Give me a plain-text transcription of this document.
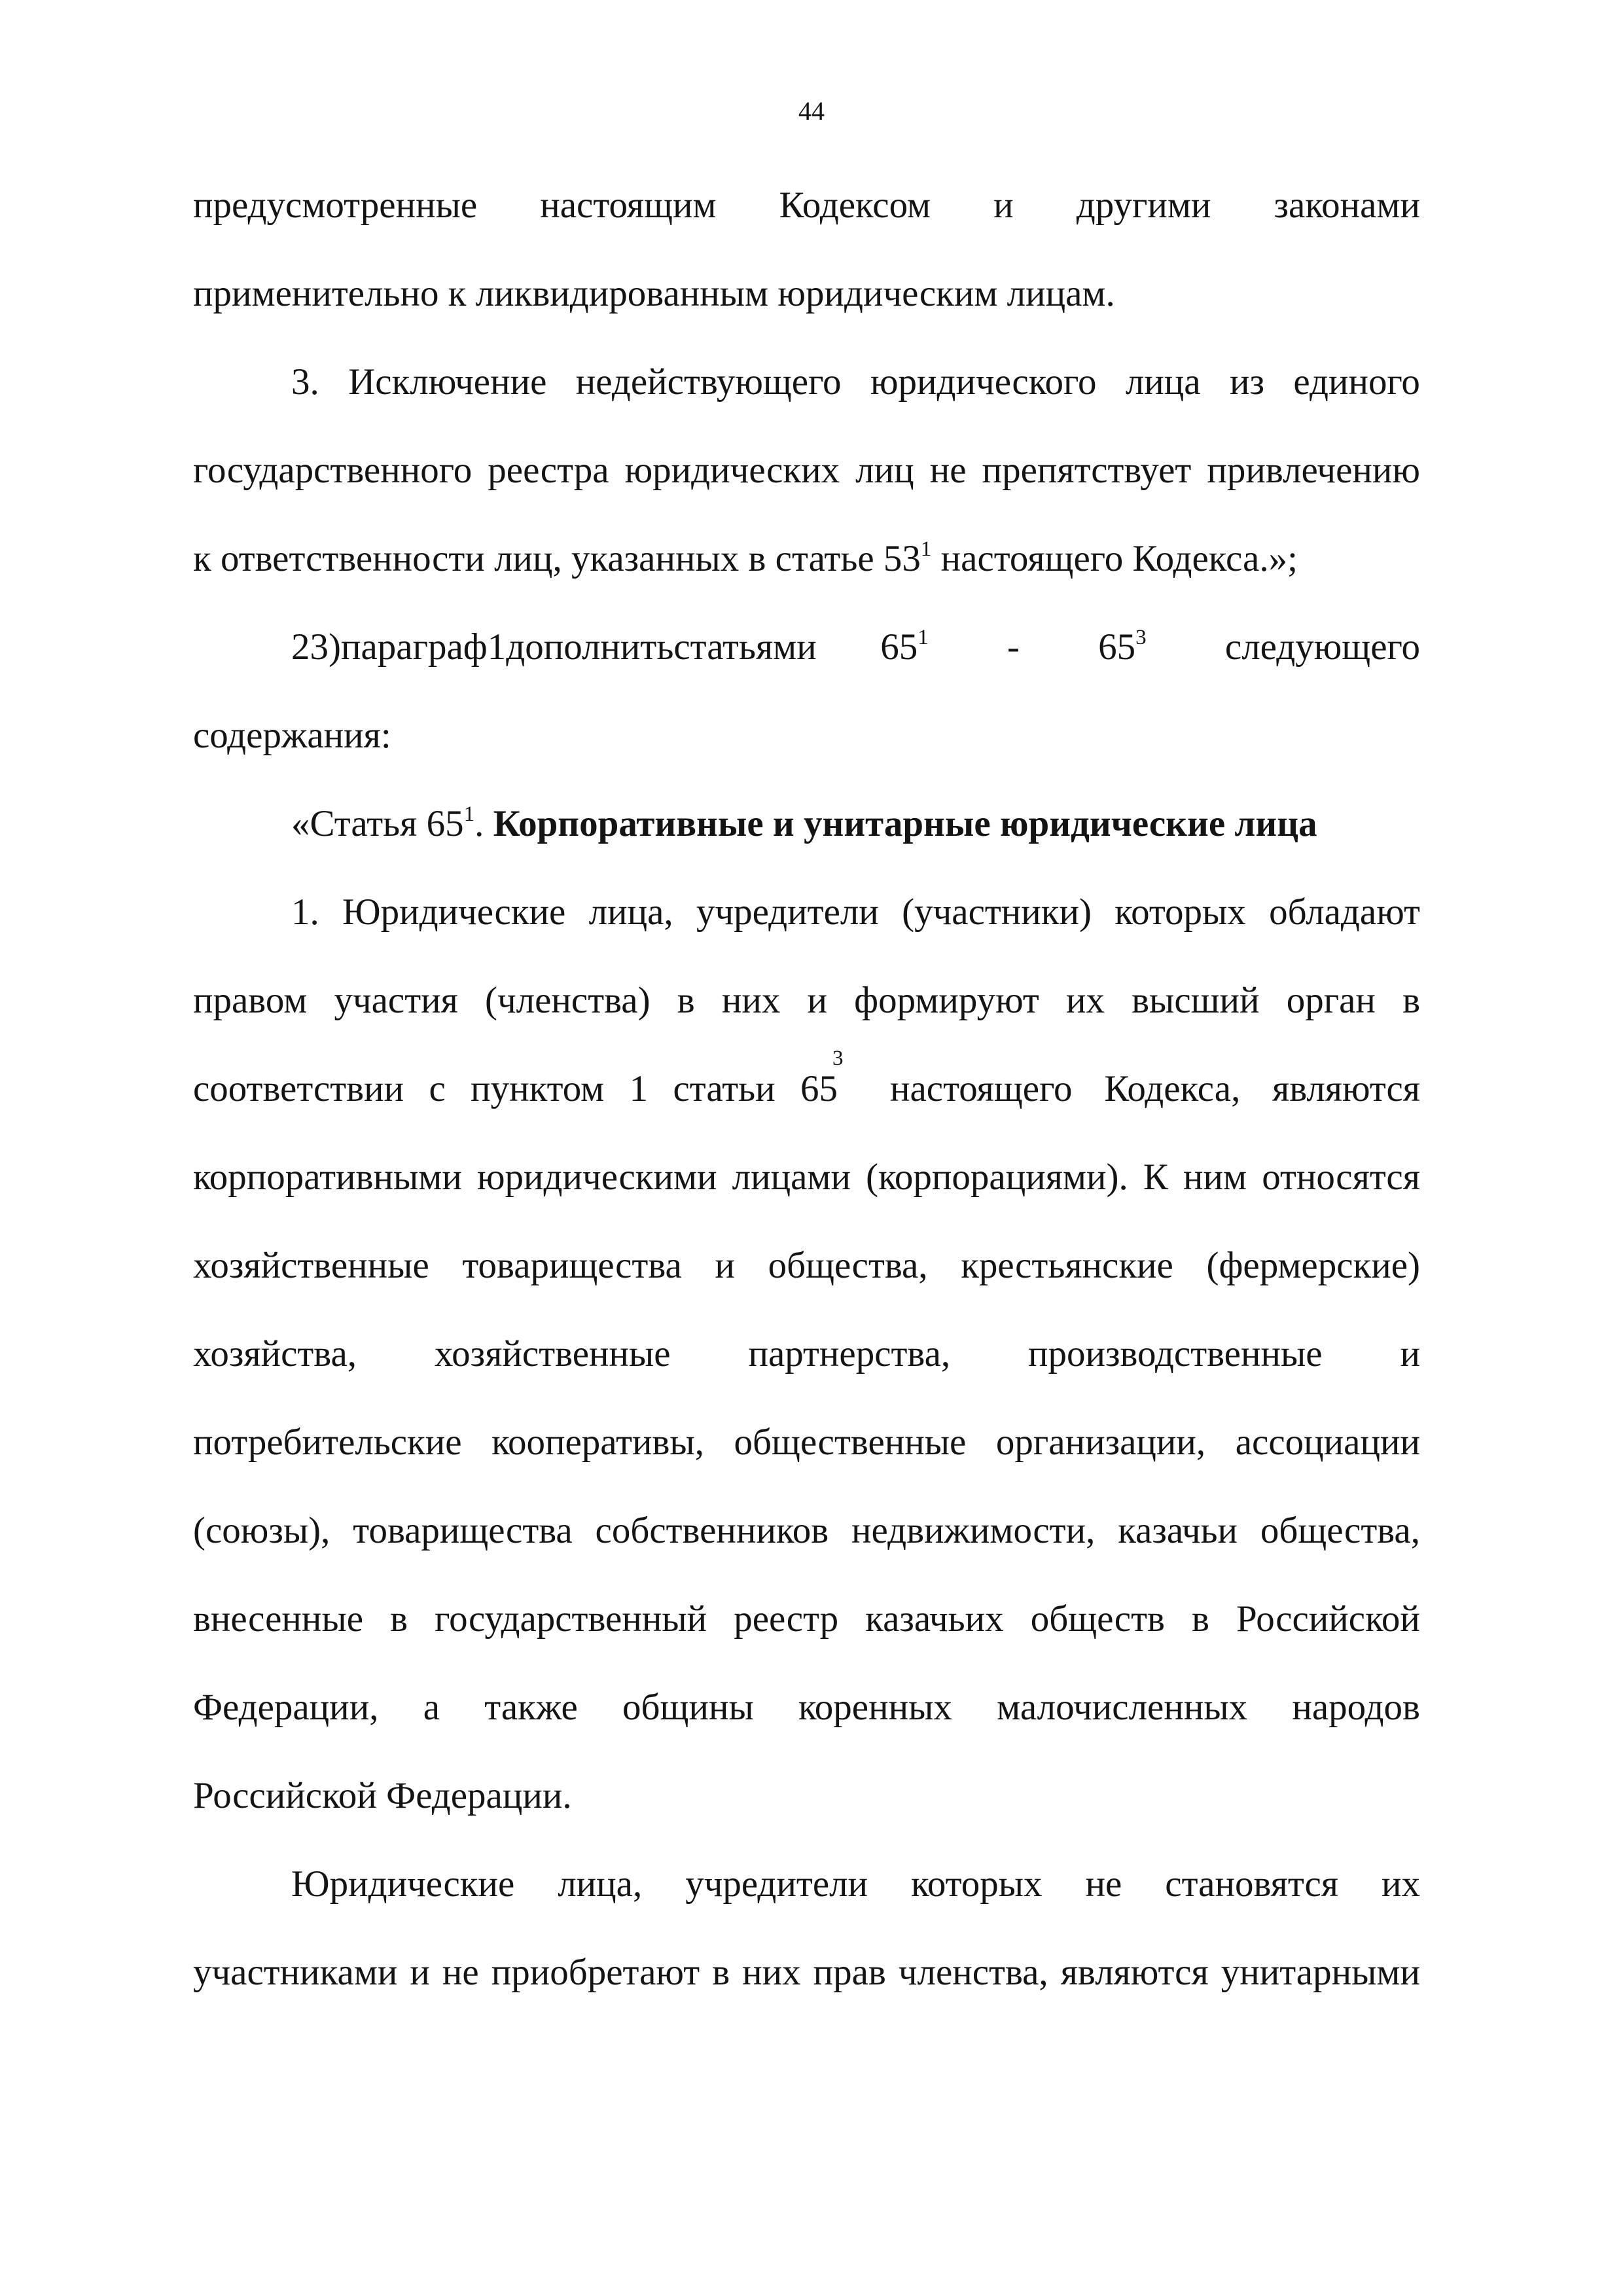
44
предусмотренные настоящим Кодексом и другими законами
применительно к ликвидированным юридическим лицам.
3. Исключение недействующего юридического лица из единого
государственного реестра юридических лиц не препятствует привлечению
к ответственности лиц, указанных в статье $53^1$ настоящего Кодекса.»;
23) параграф 1 дополнить статьями $65^1 - 65^3$ следующего
содержания:
«Статья $65^1$. Корпоративные и унитарные юридические лица
1. Юридические лица, учредители (участники) которых обладают
правом участия (членства) в них и формируют их высший орган в
соответствии с пунктом 1 статьи 65
$^3$
настоящего Кодекса, являются
корпоративными юридическими лицами (корпорациями). К ним относятся
хозяйственные товарищества и общества, крестьянские (фермерские)
хозяйства, хозяйственные партнерства, производственные и
потребительские кооперативы, общественные организации, ассоциации
(союзы), товарищества собственников недвижимости, казачьи общества,
внесенные в государственный реестр казачьих обществ в Российской
Федерации, а также общины коренных малочисленных народов
Российской Федерации.
Юридические лица, учредители которых не становятся их
участниками и не приобретают в них прав членства, являются унитарными
